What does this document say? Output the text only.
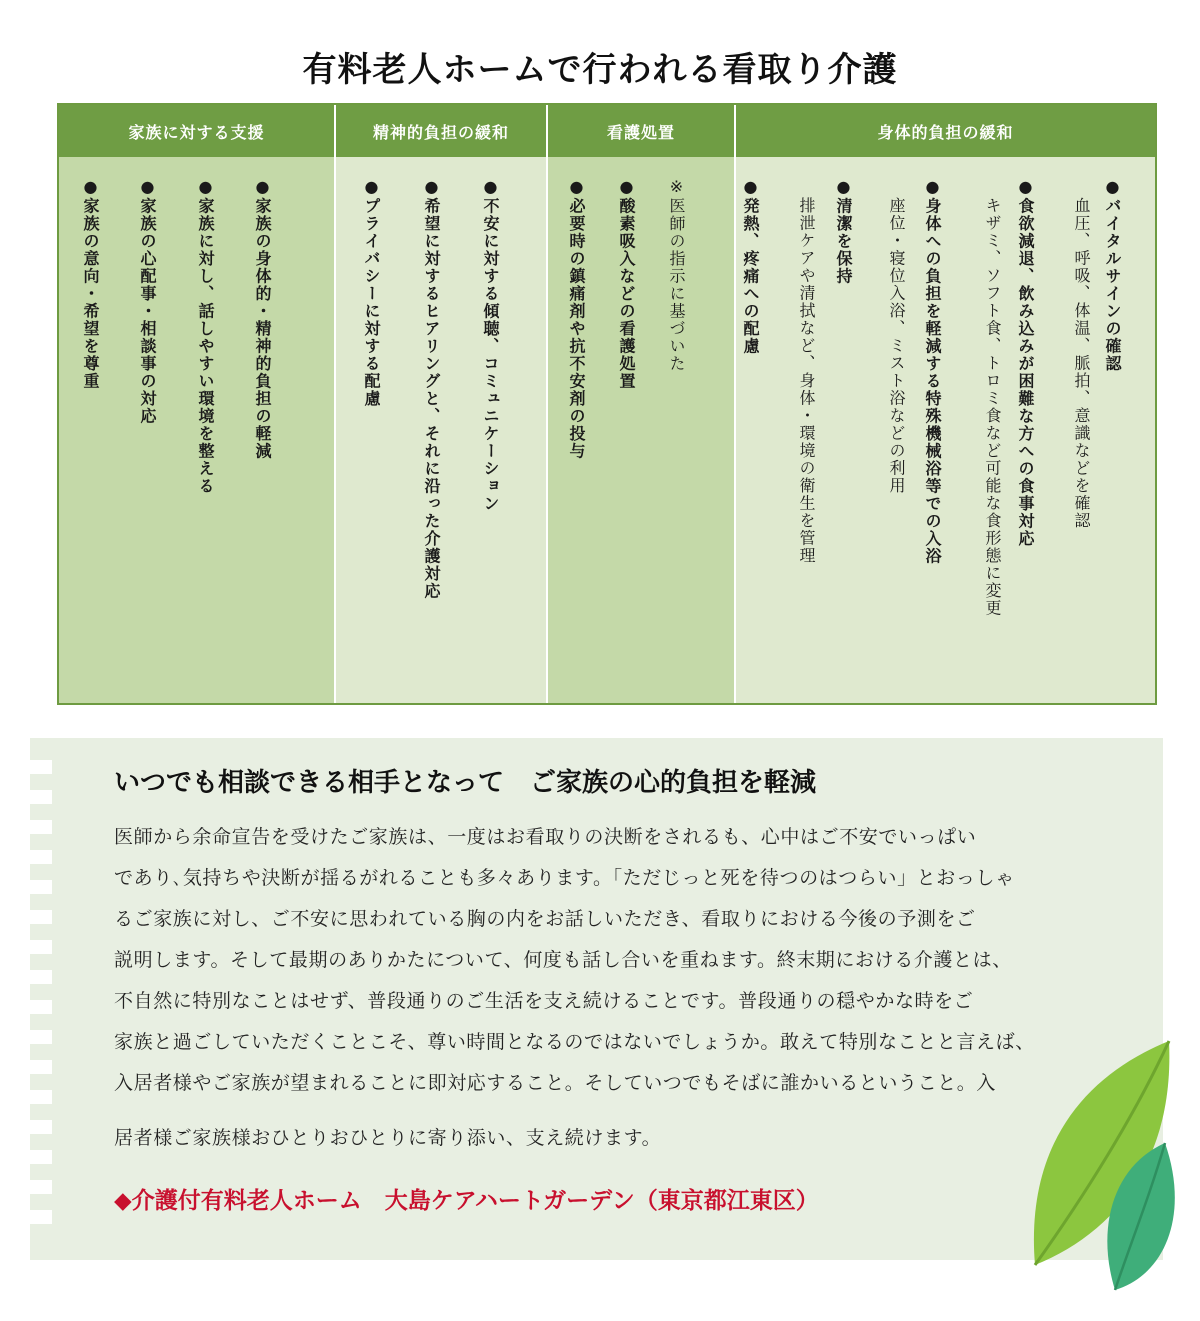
有料老人ホームで行われる看取り介護
家族に対する支援
●家族の身体的・精神的負担の軽減
●家族に対し、話しやすい環境を整える
●家族の心配事・相談事の対応
●家族の意向・希望を尊重
精神的負担の緩和
●不安に対する傾聴、コミュニケーション
●希望に対するヒアリングと、それに沿った介護対応
●プライバシーに対する配慮
看護処置
※医師の指示に基づいた
●酸素吸入などの看護処置
●必要時の鎮痛剤や抗不安剤の投与
身体的負担の緩和
●バイタルサインの確認
血圧、呼吸、体温、脈拍、意識などを確認
●食欲減退、飲み込みが困難な方への食事対応
キザミ、ソフト食、トロミ食など可能な食形態に変更
●身体への負担を軽減する特殊機械浴等での入浴
座位・寝位入浴、ミスト浴などの利用
●清潔を保持
排泄ケアや清拭など、身体・環境の衛生を管理
●発熱、疼痛への配慮
いつでも相談できる相手となって　ご家族の心的負担を軽減
医師から余命宣告を受けたご家族は、一度はお看取りの決断をされるも、心中はご不安でいっぱい
であり､気持ちや決断が揺るがれることも多々あります。「ただじっと死を待つのはつらい」とおっしゃ
るご家族に対し、ご不安に思われている胸の内をお話しいただき、看取りにおける今後の予測をご
説明します。そして最期のありかたについて、何度も話し合いを重ねます。終末期における介護とは、
不自然に特別なことはせず、普段通りのご生活を支え続けることです。普段通りの穏やかな時をご
家族と過ごしていただくことこそ、尊い時間となるのではないでしょうか。敢えて特別なことと言えば、
入居者様やご家族が望まれることに即対応すること。そしていつでもそばに誰かいるということ。入
居者様ご家族様おひとりおひとりに寄り添い、支え続けます。
◆介護付有料老人ホーム　大島ケアハートガーデン（東京都江東区）
